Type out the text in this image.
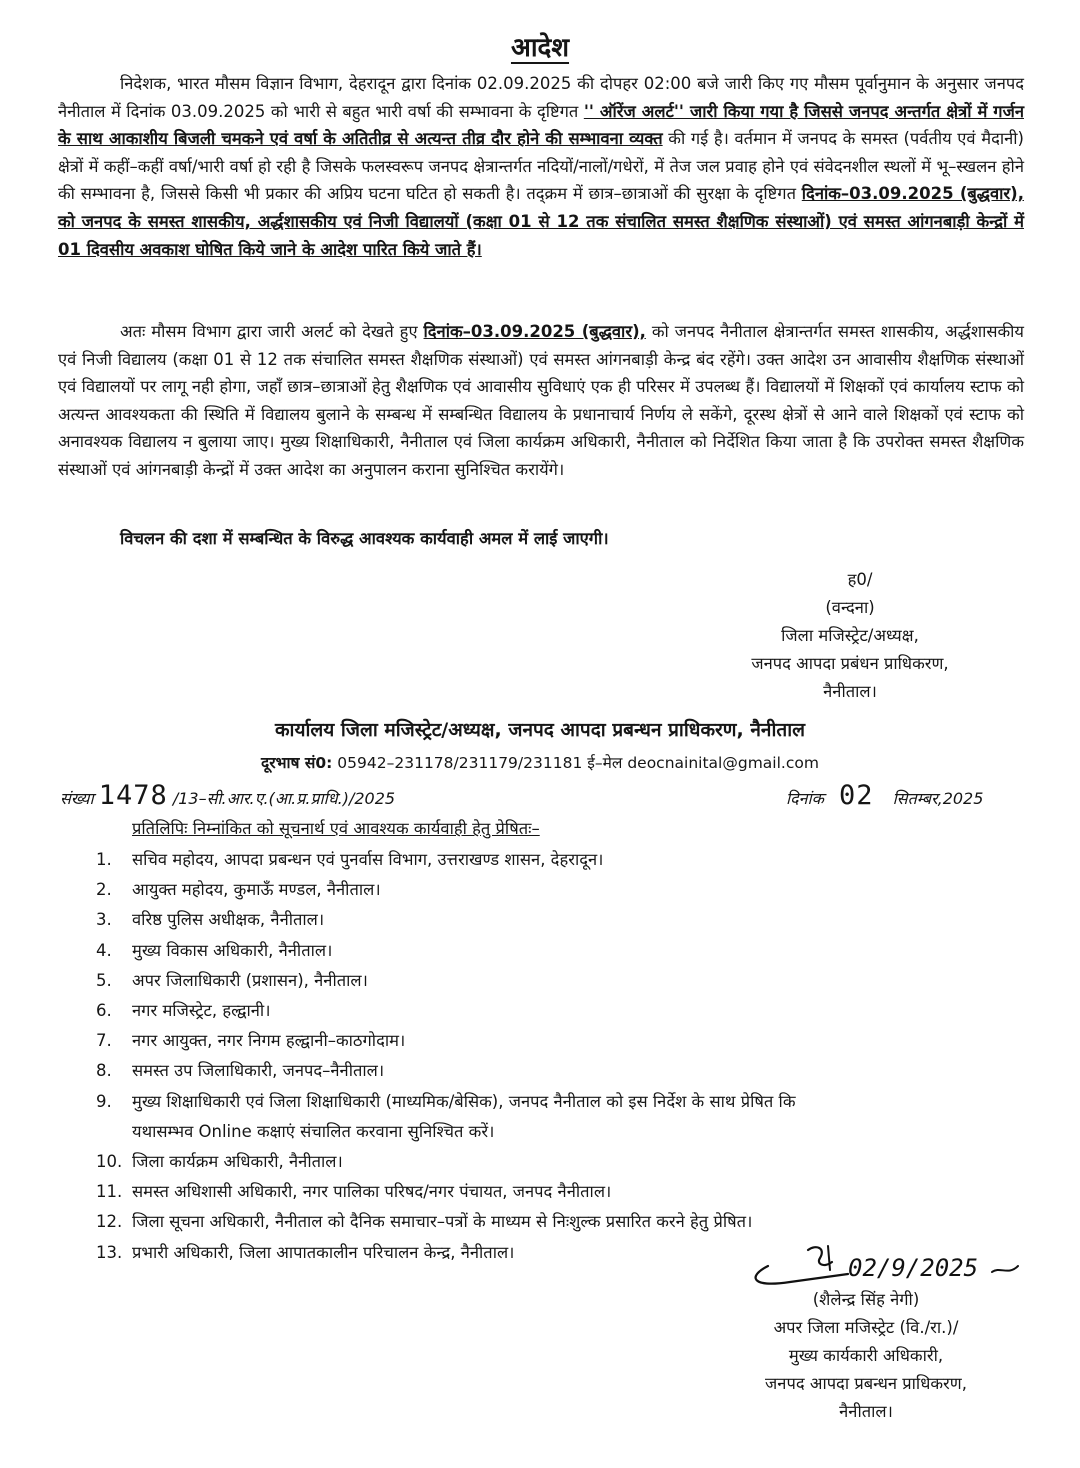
आदेश

निदेशक, भारत मौसम विज्ञान विभाग, देहरादून द्वारा दिनांक 02.09.2025 की दोपहर 02:00 बजे जारी किए गए मौसम पूर्वानुमान के अनुसार जनपद नैनीताल में दिनांक 03.09.2025 को भारी से बहुत भारी वर्षा की सम्भावना के दृष्टिगत '' ऑरेंज अलर्ट'' जारी किया गया है जिससे जनपद अन्तर्गत क्षेत्रों में गर्जन के साथ आकाशीय बिजली चमकने एवं वर्षा के अतितीव्र से अत्यन्त तीव्र दौर होने की सम्भावना व्यक्त की गई है। वर्तमान में जनपद के समस्त (पर्वतीय एवं मैदानी) क्षेत्रों में कहीं–कहीं वर्षा/भारी वर्षा हो रही है जिसके फलस्वरूप जनपद क्षेत्रान्तर्गत नदियों/नालों/गधेरों, में तेज जल प्रवाह होने एवं संवेदनशील स्थलों में भू–स्खलन होने की सम्भावना है, जिससे किसी भी प्रकार की अप्रिय घटना घटित हो सकती है। तद्क्रम में छात्र–छात्राओं की सुरक्षा के दृष्टिगत दिनांक–03.09.2025 (बुद्धवार), को जनपद के समस्त शासकीय, अर्द्धशासकीय एवं निजी विद्यालयों (कक्षा 01 से 12 तक संचालित समस्त शैक्षणिक संस्थाओं) एवं समस्त आंगनबाड़ी केन्द्रों में 01 दिवसीय अवकाश घोषित किये जाने के आदेश पारित किये जाते हैं।

अतः मौसम विभाग द्वारा जारी अलर्ट को देखते हुए दिनांक–03.09.2025 (बुद्धवार), को जनपद नैनीताल क्षेत्रान्तर्गत समस्त शासकीय, अर्द्धशासकीय एवं निजी विद्यालय (कक्षा 01 से 12 तक संचालित समस्त शैक्षणिक संस्थाओं) एवं समस्त आंगनबाड़ी केन्द्र बंद रहेंगे। उक्त आदेश उन आवासीय शैक्षणिक संस्थाओं एवं विद्यालयों पर लागू नही होगा, जहाँ छात्र–छात्राओं हेतु शैक्षणिक एवं आवासीय सुविधाएं एक ही परिसर में उपलब्ध हैं। विद्यालयों में शिक्षकों एवं कार्यालय स्टाफ को अत्यन्त आवश्यकता की स्थिति में विद्यालय बुलाने के सम्बन्ध में सम्बन्धित विद्यालय के प्रधानाचार्य निर्णय ले सकेंगे, दूरस्थ क्षेत्रों से आने वाले शिक्षकों एवं स्टाफ को अनावश्यक विद्यालय न बुलाया जाए। मुख्य शिक्षाधिकारी, नैनीताल एवं जिला कार्यक्रम अधिकारी, नैनीताल को निर्देशित किया जाता है कि उपरोक्त समस्त शैक्षणिक संस्थाओं एवं आंगनबाड़ी केन्द्रों में उक्त आदेश का अनुपालन कराना सुनिश्चित करायेंगे।

विचलन की दशा में सम्बन्धित के विरुद्ध आवश्यक कार्यवाही अमल में लाई जाएगी।

ह0/
(वन्दना)
जिला मजिस्ट्रेट/अध्यक्ष,
जनपद आपदा प्रबंधन प्राधिकरण,
नैनीताल।
कार्यालय जिला मजिस्ट्रेट/अध्यक्ष, जनपद आपदा प्रबन्धन प्राधिकरण, नैनीताल
दूरभाष सं0: 05942–231178/231179/231181 ई–मेल deocnainital@gmail.com
संख्या 1478 /13–सी.आर.ए.(आ.प्र.प्राधि.)/2025	दिनांक 02 सितम्बर,2025
प्रतिलिपिः निम्नांकित को सूचनार्थ एवं आवश्यक कार्यवाही हेतु प्रेषितः–
1.	सचिव महोदय, आपदा प्रबन्धन एवं पुनर्वास विभाग, उत्तराखण्ड शासन, देहरादून।
2.	आयुक्त महोदय, कुमाऊँ मण्डल, नैनीताल।
3.	वरिष्ठ पुलिस अधीक्षक, नैनीताल।
4.	मुख्य विकास अधिकारी, नैनीताल।
5.	अपर जिलाधिकारी (प्रशासन), नैनीताल।
6.	नगर मजिस्ट्रेट, हल्द्वानी।
7.	नगर आयुक्त, नगर निगम हल्द्वानी–काठगोदाम।
8.	समस्त उप जिलाधिकारी, जनपद–नैनीताल।
9.	मुख्य शिक्षाधिकारी एवं जिला शिक्षाधिकारी (माध्यमिक/बेसिक), जनपद नैनीताल को इस निर्देश के साथ प्रेषित कि
यथासम्भव Online कक्षाएं संचालित करवाना सुनिश्चित करें।
10. जिला कार्यक्रम अधिकारी, नैनीताल।
11. समस्त अधिशासी अधिकारी, नगर पालिका परिषद/नगर पंचायत, जनपद नैनीताल।
12. जिला सूचना अधिकारी, नैनीताल को दैनिक समाचार–पत्रों के माध्यम से निःशुल्क प्रसारित करने हेतु प्रेषित।
13. प्रभारी अधिकारी, जिला आपातकालीन परिचालन केन्द्र, नैनीताल।
02/9/2025
(शैलेन्द्र सिंह नेगी)
अपर जिला मजिस्ट्रेट (वि./रा.)/
मुख्य कार्यकारी अधिकारी,
जनपद आपदा प्रबन्धन प्राधिकरण,
नैनीताल।
